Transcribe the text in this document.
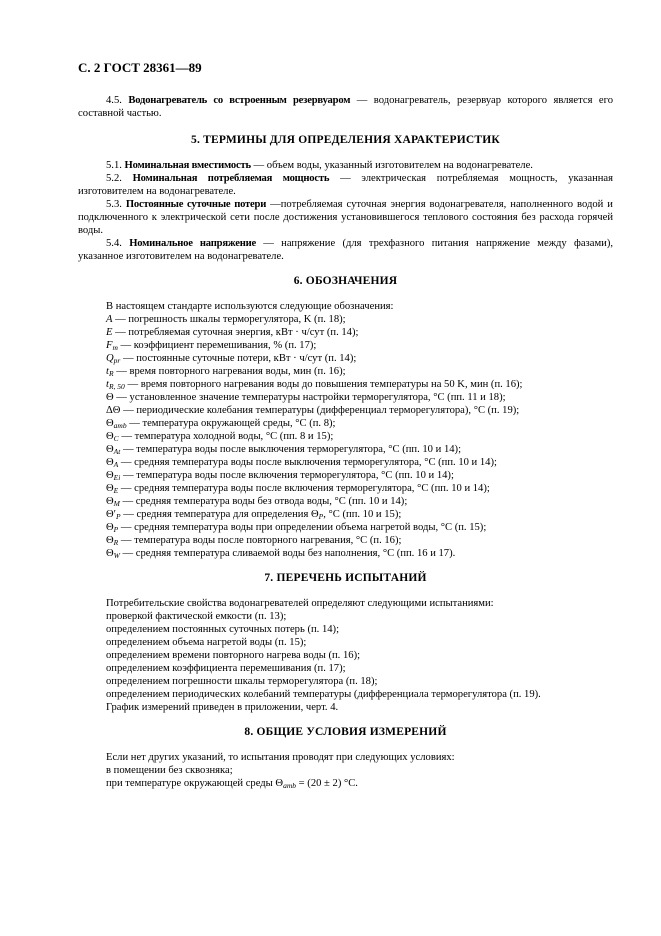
С. 2 ГОСТ 28361—89

4.5. Водонагреватель со встроенным резервуаром — водонагреватель, резервуар которого является его составной частью.

5. ТЕРМИНЫ ДЛЯ ОПРЕДЕЛЕНИЯ ХАРАКТЕРИСТИК

5.1. Номинальная вместимость — объем воды, указанный изготовителем на водонагревателе.

5.2. Номинальная потребляемая мощность — электрическая потребляемая мощность, указанная изготовителем на водонагревателе.

5.3. Постоянные суточные потери —потребляемая суточная энергия водонагревателя, наполненного водой и подключенного к электрической сети после достижения установившегося теплового состояния без расхода горячей воды.

5.4. Номинальное напряжение — напряжение (для трехфазного питания напряжение между фазами), указанное изготовителем на водонагревателе.

6. ОБОЗНАЧЕНИЯ

В настоящем стандарте используются следующие обозначения:

A — погрешность шкалы терморегулятора, K (п. 18);

E — потребляемая суточная энергия, кВт · ч/сут (п. 14);

$F_m$ — коэффициент перемешивания, % (п. 17);

$Q_{pr}$ — постоянные суточные потери, кВт · ч/сут (п. 14);

$t_R$ — время повторного нагревания воды, мин (п. 16);

$t_{R, 50}$ — время повторного нагревания воды до повышения температуры на 50 K, мин (п. 16);

Θ — установленное значение температуры настройки терморегулятора, °С (пп. 11 и 18);

ΔΘ — периодические колебания температуры (дифференциал терморегулятора), °С (п. 19);

$\Theta_{amb}$ — температура окружающей среды, °С (п. 8);

$\Theta_C$ — температура холодной воды, °С (пп. 8 и 15);

$\Theta_{At}$ — температура воды после выключения терморегулятора, °С (пп. 10 и 14);

$\Theta_A$ — средняя температура воды после выключения терморегулятора, °С (пп. 10 и 14);

$\Theta_{Ei}$ — температура воды после включения терморегулятора, °С (пп. 10 и 14);

$\Theta_E$ — средняя температура воды после включения терморегулятора, °С (пп. 10 и 14);

$\Theta_M$ — средняя температура воды без отвода воды, °С (пп. 10 и 14);

$\Theta'_P$ — средняя температура для определения $\Theta_P$, °С (пп. 10 и 15);

$\Theta_P$ — средняя температура воды при определении объема нагретой воды, °С (п. 15);

$\Theta_R$ — температура воды после повторного нагревания, °С (п. 16);

$\Theta_W$ — средняя температура сливаемой воды без наполнения, °С (пп. 16 и 17).

7. ПЕРЕЧЕНЬ ИСПЫТАНИЙ

Потребительские свойства водонагревателей определяют следующими испытаниями:

проверкой фактической емкости (п. 13);

определением постоянных суточных потерь (п. 14);

определением объема нагретой воды (п. 15);

определением времени повторного нагрева воды (п. 16);

определением коэффициента перемешивания (п. 17);

определением погрешности шкалы терморегулятора (п. 18);

определением периодических колебаний температуры (дифференциала терморегулятора (п. 19).

График измерений приведен в приложении, черт. 4.

8. ОБЩИЕ УСЛОВИЯ ИЗМЕРЕНИЙ

Если нет других указаний, то испытания проводят при следующих условиях:

в помещении без сквозняка;

при температуре окружающей среды $\Theta_{amb} = (20 \pm 2)$ °С.
